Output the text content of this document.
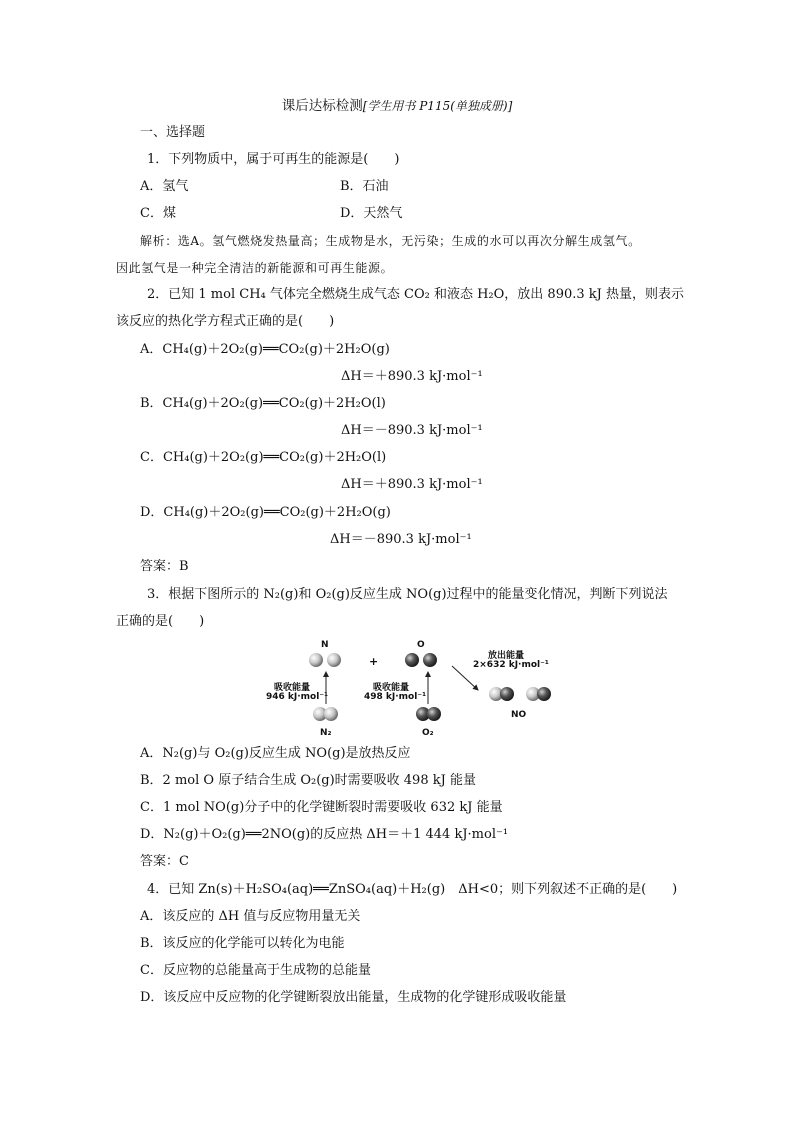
课后达标检测[学生用书 P115(单独成册)]
一、选择题
1．下列物质中，属于可再生的能源是(　　)
A．氢气	B．石油
C．煤	D．天然气
解析：选A。氢气燃烧发热量高；生成物是水，无污染；生成的水可以再次分解生成氢气。
因此氢气是一种完全清洁的新能源和可再生能源。
2．已知 1 mol CH₄ 气体完全燃烧生成气态 CO₂ 和液态 H₂O，放出 890.3 kJ 热量，则表示
该反应的热化学方程式正确的是(　　)
A．CH₄(g)＋2O₂(g)══CO₂(g)＋2H₂O(g)
ΔH＝＋890.3 kJ·mol⁻¹
B．CH₄(g)＋2O₂(g)══CO₂(g)＋2H₂O(l)
ΔH＝－890.3 kJ·mol⁻¹
C．CH₄(g)＋2O₂(g)══CO₂(g)＋2H₂O(l)
ΔH＝＋890.3 kJ·mol⁻¹
D．CH₄(g)＋2O₂(g)══CO₂(g)＋2H₂O(g)
ΔH＝－890.3 kJ·mol⁻¹
答案：B
3．根据下图所示的 N₂(g)和 O₂(g)反应生成 NO(g)过程中的能量变化情况，判断下列说法
正确的是(　　)
N
+
O
吸收能量
946 kJ·mol⁻¹
吸收能量
498 kJ·mol⁻¹
放出能量
2×632 kJ·mol⁻¹
N₂	O₂
NO
A．N₂(g)与 O₂(g)反应生成 NO(g)是放热反应
B．2 mol O 原子结合生成 O₂(g)时需要吸收 498 kJ 能量
C．1 mol NO(g)分子中的化学键断裂时需要吸收 632 kJ 能量
D．N₂(g)＋O₂(g)══2NO(g)的反应热 ΔH＝＋1 444 kJ·mol⁻¹
答案：C
4．已知 Zn(s)＋H₂SO₄(aq)══ZnSO₄(aq)＋H₂(g)　ΔH<0；则下列叙述不正确的是(　　)
A．该反应的 ΔH 值与反应物用量无关
B．该反应的化学能可以转化为电能
C．反应物的总能量高于生成物的总能量
D．该反应中反应物的化学键断裂放出能量，生成物的化学键形成吸收能量
